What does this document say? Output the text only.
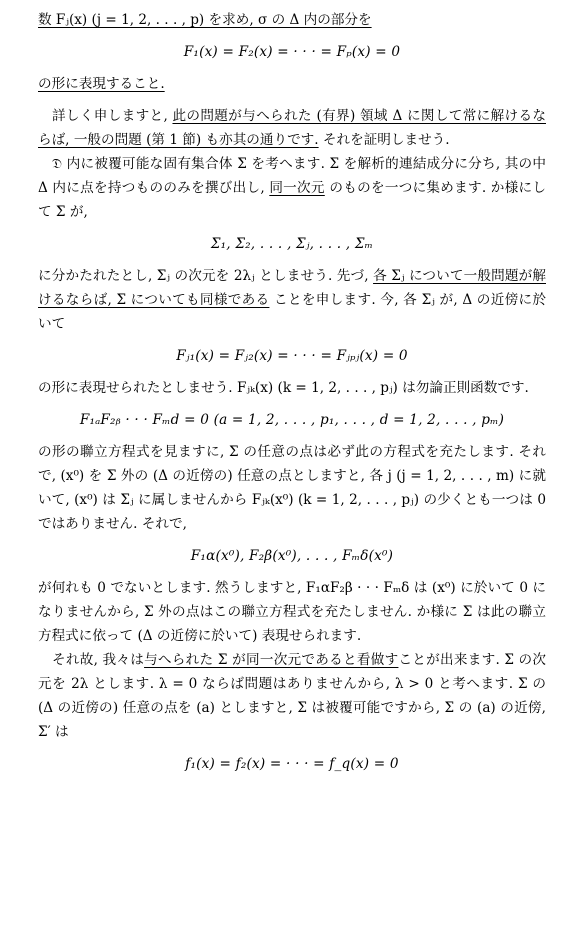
数 Fⱼ(x) (j = 1, 2, . . . , p) を求め, σ の Δ 内の部分を

F₁(x) = F₂(x) = · · · = Fₚ(x) = 0

の形に表現すること.

詳しく申しますと, 此の問題が与へられた (有界) 領域 Δ に関して常に解けるならば, 一般の問題 (第 1 節) も亦其の通りです. それを証明しませう.

𝔇 内に被覆可能な固有集合体 Σ を考へます. Σ を解析的連結成分に分ち, 其の中 Δ 内に点を持つもののみを撰び出し, 同一次元 のものを一つに集めます. か様にして Σ が,

Σ₁, Σ₂, . . . , Σⱼ, . . . , Σₘ

に分かたれたとし, Σⱼ の次元を 2λⱼ としませう. 先づ, 各 Σⱼ について一般問題が解けるならば, Σ についても同様である ことを申します. 今, 各 Σⱼ が, Δ の近傍に於いて

Fⱼ₁(x) = Fⱼ₂(x) = · · · = Fⱼₚⱼ(x) = 0

の形に表現せられたとしませう. Fⱼₖ(x) (k = 1, 2, . . . , pⱼ) は勿論正則函数です.

F₁ₐF₂ᵦ · · · Fₘd = 0 (a = 1, 2, . . . , p₁, . . . , d = 1, 2, . . . , pₘ)

の形の聯立方程式を見ますに, Σ の任意の点は必ず此の方程式を充たします. それで, (x⁰) を Σ 外の (Δ の近傍の) 任意の点としますと, 各 j (j = 1, 2, . . . , m) に就いて, (x⁰) は Σⱼ に属しませんから Fⱼₖ(x⁰) (k = 1, 2, . . . , pⱼ) の少くとも一つは 0 ではありません. それで,

F₁α(x⁰), F₂β(x⁰), . . . , Fₘδ(x⁰)

が何れも 0 でないとします. 然うしますと, F₁αF₂β · · · Fₘδ は (x⁰) に於いて 0 になりませんから, Σ 外の点はこの聯立方程式を充たしません. か様に Σ は此の聯立方程式に依って (Δ の近傍に於いて) 表現せられます.

それ故, 我々は与へられた Σ が同一次元であると看做すことが出来ます. Σ の次元を 2λ とします. λ = 0 ならば問題はありませんから, λ > 0 と考へます. Σ の (Δ の近傍の) 任意の点を (a) としますと, Σ は被覆可能ですから, Σ の (a) の近傍, Σ′ は

f₁(x) = f₂(x) = · · · = f_q(x) = 0
